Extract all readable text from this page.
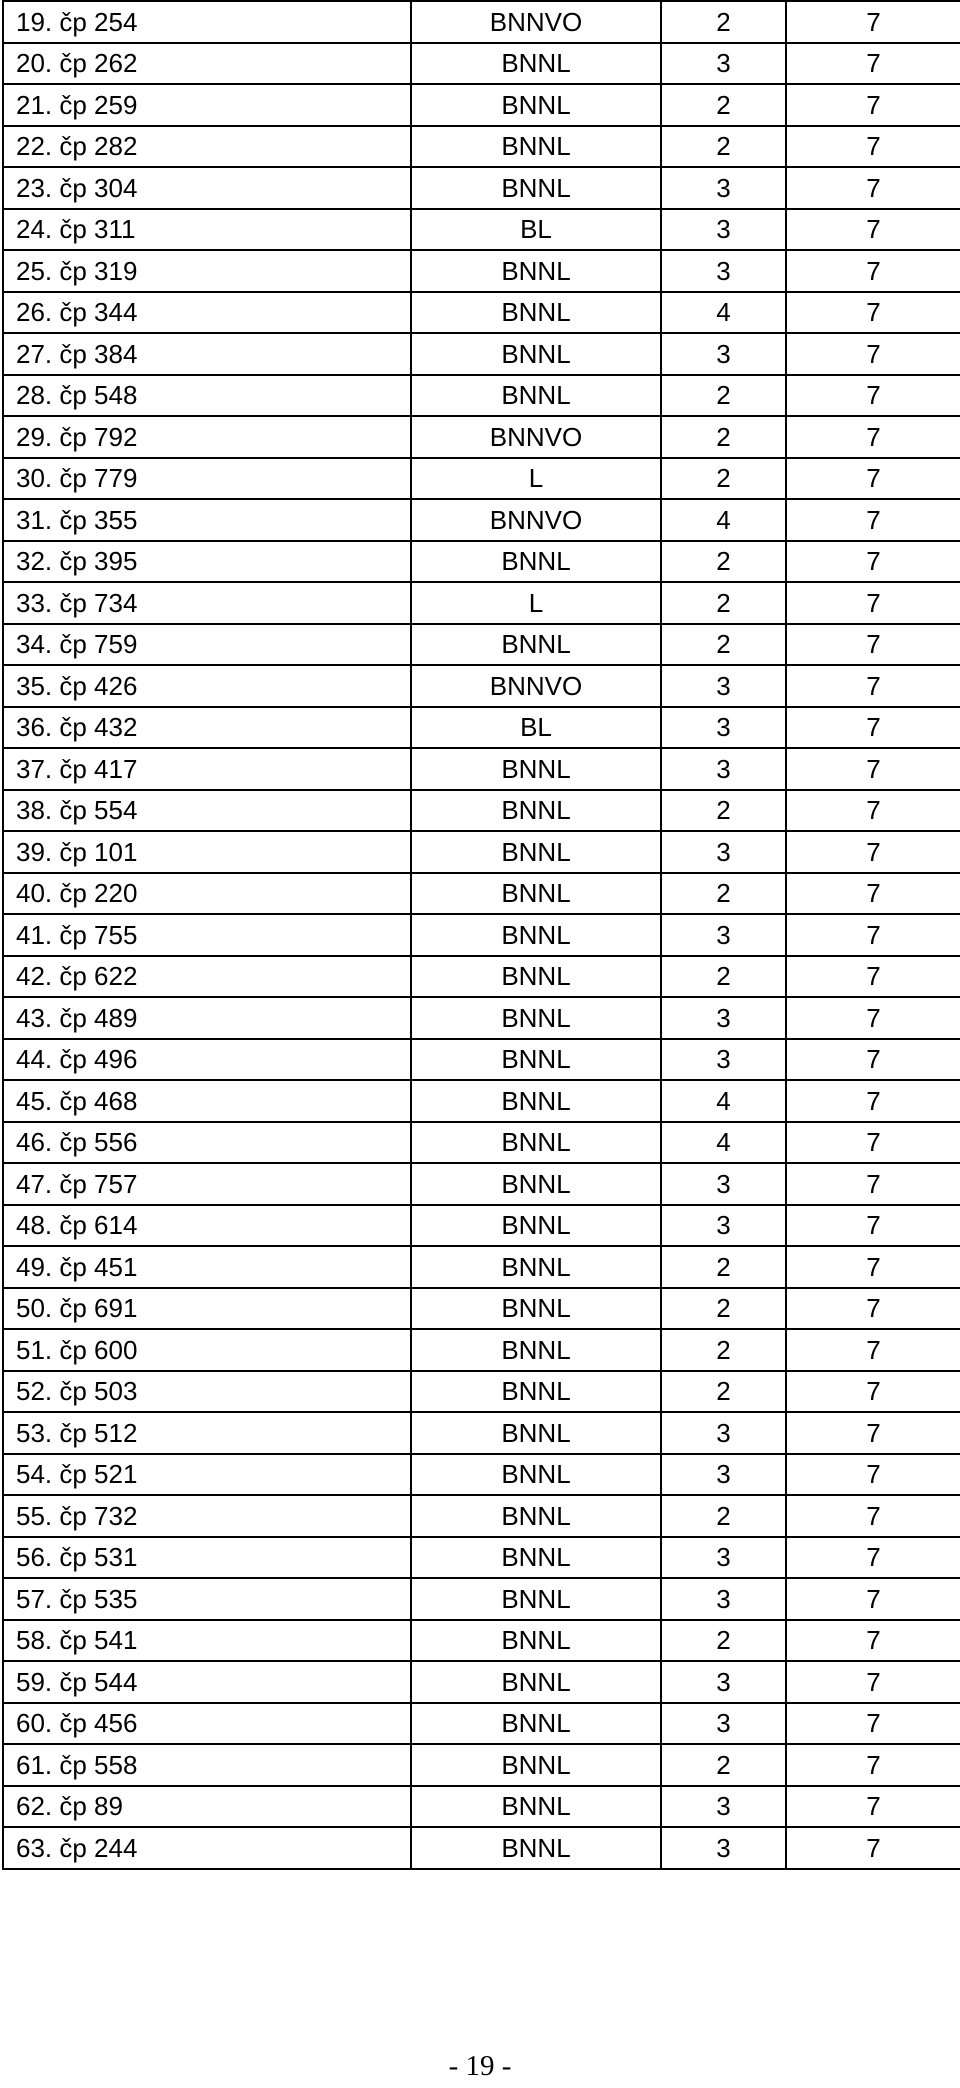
19. čp 254	BNNVO	2	7
20. čp 262	BNNL	3	7
21. čp 259	BNNL	2	7
22. čp 282	BNNL	2	7
23. čp 304	BNNL	3	7
24. čp 311	BL	3	7
25. čp 319	BNNL	3	7
26. čp 344	BNNL	4	7
27. čp 384	BNNL	3	7
28. čp 548	BNNL	2	7
29. čp 792	BNNVO	2	7
30. čp 779	L	2	7
31. čp 355	BNNVO	4	7
32. čp 395	BNNL	2	7
33. čp 734	L	2	7
34. čp 759	BNNL	2	7
35. čp 426	BNNVO	3	7
36. čp 432	BL	3	7
37. čp 417	BNNL	3	7
38. čp 554	BNNL	2	7
39. čp 101	BNNL	3	7
40. čp 220	BNNL	2	7
41. čp 755	BNNL	3	7
42. čp 622	BNNL	2	7
43. čp 489	BNNL	3	7
44. čp 496	BNNL	3	7
45. čp 468	BNNL	4	7
46. čp 556	BNNL	4	7
47. čp 757	BNNL	3	7
48. čp 614	BNNL	3	7
49. čp 451	BNNL	2	7
50. čp 691	BNNL	2	7
51. čp 600	BNNL	2	7
52. čp 503	BNNL	2	7
53. čp 512	BNNL	3	7
54. čp 521	BNNL	3	7
55. čp 732	BNNL	2	7
56. čp 531	BNNL	3	7
57. čp 535	BNNL	3	7
58. čp 541	BNNL	2	7
59. čp 544	BNNL	3	7
60. čp 456	BNNL	3	7
61. čp 558	BNNL	2	7
62. čp 89	BNNL	3	7
63. čp 244	BNNL	3	7
- 19 -
